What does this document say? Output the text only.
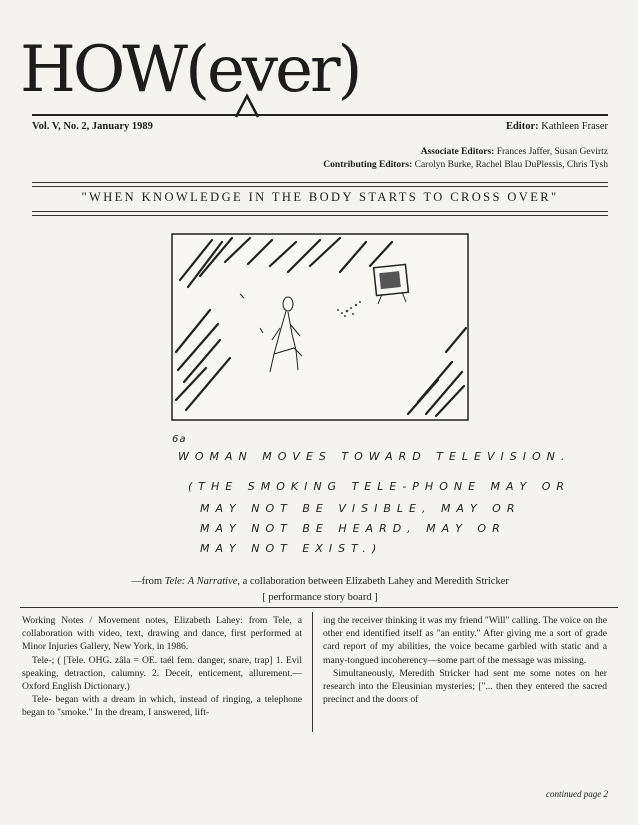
HOW(ever)
Vol. V, No. 2, January 1989	Editor: Kathleen Fraser
Associate Editors: Frances Jaffer, Susan Gevirtz
Contributing Editors: Carolyn Burke, Rachel Blau DuPlessis, Chris Tysh
"WHEN KNOWLEDGE IN THE BODY STARTS TO CROSS OVER"
6a
WOMAN MOVES TOWARD TELEVISION.
(THE SMOKING TELE-PHONE MAY OR
MAY NOT BE VISIBLE, MAY OR
MAY NOT BE HEARD, MAY OR
MAY NOT EXIST.)
—from Tele: A Narrative, a collaboration between Elizabeth Lahey and Meredith Stricker
[ performance story board ]

Working Notes / Movement notes, Elizabeth Lahey: from Tele, a collaboration with video, text, drawing and dance, first performed at Minor Injuries Gallery, New York, in 1986.

Tele-; ( [Tele. OHG. zâla = OE. taél fem. danger, snare, trap] 1. Evil speaking, detraction, calumny. 2. Deceit, enticement, allurement.—Oxford English Dictionary.)

Tele- began with a dream in which, instead of ringing, a telephone began to "smoke." In the dream, I answered, lift-

ing the receiver thinking it was my friend "Will" calling. The voice on the other end identified itself as "an entity." After giving me a sort of grade card report of my abilities, the voice became garbled with static and a many-tongued incoherency—some part of the message was missing.

Simultaneously, Meredith Stricker had sent me some notes on her research into the Eleusinian mysteries; ["... then they entered the sacred precinct and the doors of

continued page 2
